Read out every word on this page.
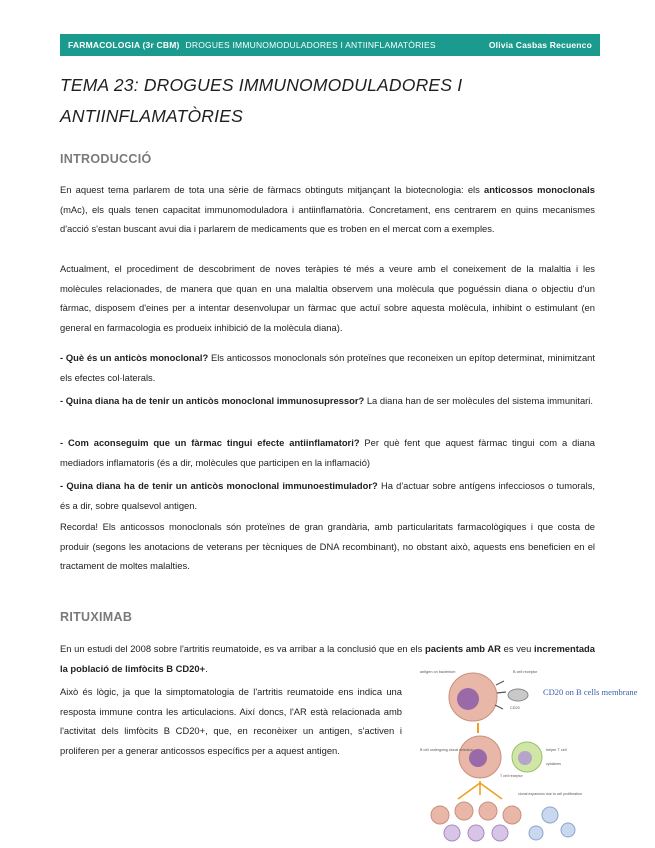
FARMACOLOGIA (3r CBM) DROGUES IMMUNOMODULADORES I ANTIINFLAMATÒRIES	Olivia Casbas Recuenco
TEMA 23: DROGUES IMMUNOMODULADORES I
ANTIINFLAMATÒRIES
INTRODUCCIÓ

En aquest tema parlarem de tota una sèrie de fàrmacs obtinguts mitjançant la biotecnologia: els anticossos monoclonals (mAc), els quals tenen capacitat immunomoduladora i antiinflamatòria. Concretament, ens centrarem en quins mecanismes d'acció s'estan buscant avui dia i parlarem de medicaments que es troben en el mercat com a exemples.

Actualment, el procediment de descobriment de noves teràpies té més a veure amb el coneixement de la malaltia i les molècules relacionades, de manera que quan en una malaltia observem una molècula que poguéssin diana o objectiu d'un fàrmac, disposem d'eines per a intentar desenvolupar un fàrmac que actuï sobre aquesta molècula, inhibint o estimulant (en general en farmacologia es produeix inhibició de la molècula diana).

- Què és un anticòs monoclonal? Els anticossos monoclonals són proteïnes que reconeixen un epítop determinat, minimitzant els efectes col·laterals.

- Quina diana ha de tenir un anticòs monoclonal immunosupressor? La diana han de ser molècules del sistema immunitari.

- Com aconseguim que un fàrmac tingui efecte antiinflamatori? Per què fent que aquest fàrmac tingui com a diana mediadors inflamatoris (és a dir, molècules que participen en la inflamació)

- Quina diana ha de tenir un anticòs monoclonal immunoestimulador? Ha d'actuar sobre antígens infecciosos o tumorals, és a dir, sobre qualsevol antigen.

Recorda! Els anticossos monoclonals són proteïnes de gran grandària, amb particularitats farmacològiques i que costa de produir (segons les anotacions de veterans per tècniques de DNA recombinant), no obstant això, aquests ens beneficien en el tractament de moltes malalties.

RITUXIMAB

En un estudi del 2008 sobre l'artritis reumatoide, es va arribar a la conclusió que en els pacients amb AR es veu incrementada la població de limfòcits B CD20+.

Això és lògic, ja que la simptomatologia de l'artritis reumatoide ens indica una resposta immune contra les articulacions. Així doncs, l'AR està relacionada amb l'activitat dels limfòcits B CD20+, que, en reconèixer un antigen, s'activen i proliferen per a generar anticossos específics per a aquest antigen.

CD20 on B cells membrane
B cell receptor
antigen on bacterium
CD20
B cell undergoing clonal selection	helper T cell
T cell receptor
cytokines
clonal expansion due to cell proliferation
